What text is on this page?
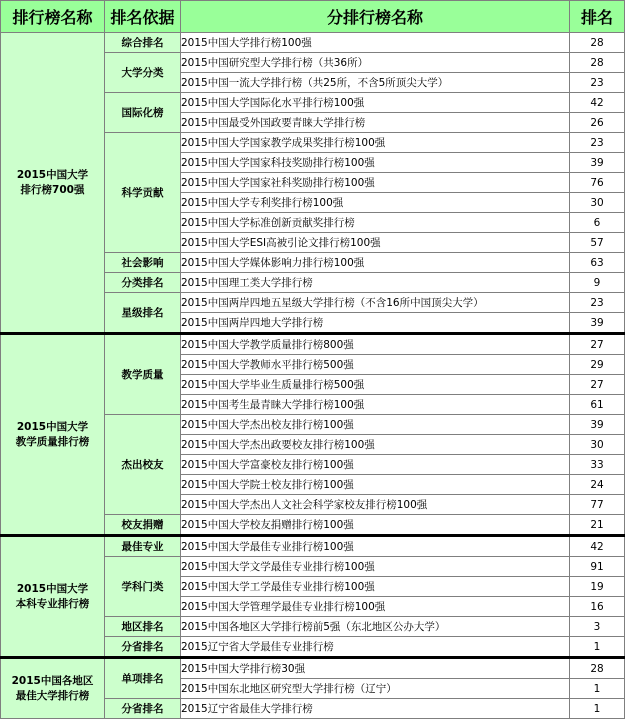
排行榜名称	排名依据	分排行榜名称	排名

2015中国大学
排行榜700强	综合排名	2015中国大学排行榜100强	28
	大学分类	2015中国研究型大学排行榜（共36所）	28
		2015中国一流大学排行榜（共25所，不含5所顶尖大学）	23
	国际化榜	2015中国大学国际化水平排行榜100强	42
		2015中国最受外国政要青睐大学排行榜	26
	科学贡献	2015中国大学国家教学成果奖排行榜100强	23
		2015中国大学国家科技奖励排行榜100强	39
		2015中国大学国家社科奖励排行榜100强	76
		2015中国大学专利奖排行榜100强	30
		2015中国大学标准创新贡献奖排行榜	6
		2015中国大学ESI高被引论文排行榜100强	57
	社会影响	2015中国大学媒体影响力排行榜100强	63
	分类排名	2015中国理工类大学排行榜	9
	星级排名	2015中国两岸四地五星级大学排行榜（不含16所中国顶尖大学）	23
		2015中国两岸四地大学排行榜	39

2015中国大学
教学质量排行榜	教学质量	2015中国大学教学质量排行榜800强	27
		2015中国大学教师水平排行榜500强	29
		2015中国大学毕业生质量排行榜500强	27
		2015中国考生最青睐大学排行榜100强	61
	杰出校友	2015中国大学杰出校友排行榜100强	39
		2015中国大学杰出政要校友排行榜100强	30
		2015中国大学富豪校友排行榜100强	33
		2015中国大学院士校友排行榜100强	24
		2015中国大学杰出人文社会科学家校友排行榜100强	77
	校友捐赠	2015中国大学校友捐赠排行榜100强	21

2015中国大学
本科专业排行榜	最佳专业	2015中国大学最佳专业排行榜100强	42
	学科门类	2015中国大学文学最佳专业排行榜100强	91
		2015中国大学工学最佳专业排行榜100强	19
		2015中国大学管理学最佳专业排行榜100强	16
	地区排名	2015中国各地区大学排行榜前5强（东北地区公办大学）	3
	分省排名	2015辽宁省大学最佳专业排行榜	1

2015中国各地区
最佳大学排行榜	单项排名	2015中国大学排行榜30强	28
		2015中国东北地区研究型大学排行榜（辽宁）	1
	分省排名	2015辽宁省最佳大学排行榜	1
